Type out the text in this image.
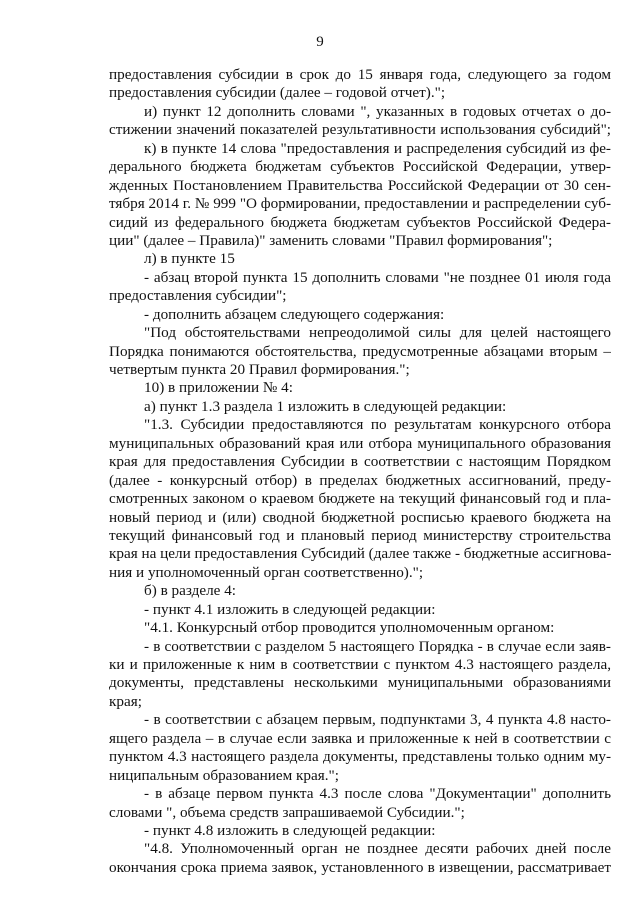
9
предоставления субсидии в срок до 15 января года, следующего за годом
предоставления субсидии (далее – годовой отчет).";
и) пункт 12 дополнить словами ", указанных в годовых отчетах о до-
стижении значений показателей результативности использования субсидий";
к) в пункте 14 слова "предоставления и распределения субсидий из фе-
дерального бюджета бюджетам субъектов Российской Федерации, утвер-
жденных Постановлением Правительства Российской Федерации от 30 сен-
тября 2014 г. № 999 "О формировании, предоставлении и распределении суб-
сидий из федерального бюджета бюджетам субъектов Российской Федера-
ции" (далее – Правила)" заменить словами "Правил формирования";
л) в пункте 15
- абзац второй пункта 15 дополнить словами "не позднее 01 июля года
предоставления субсидии";
- дополнить абзацем следующего содержания:
"Под обстоятельствами непреодолимой силы для целей настоящего
Порядка понимаются обстоятельства, предусмотренные абзацами вторым –
четвертым пункта 20 Правил формирования.";
10) в приложении № 4:
а) пункт 1.3 раздела 1 изложить в следующей редакции:
"1.3. Субсидии предоставляются по результатам конкурсного отбора
муниципальных образований края или отбора муниципального образования
края для предоставления Субсидии в соответствии с настоящим Порядком
(далее - конкурсный отбор) в пределах бюджетных ассигнований, преду-
смотренных законом о краевом бюджете на текущий финансовый год и пла-
новый период и (или) сводной бюджетной росписью краевого бюджета на
текущий финансовый год и плановый период министерству строительства
края на цели предоставления Субсидий (далее также - бюджетные ассигнова-
ния и уполномоченный орган соответственно).";
б) в разделе 4:
- пункт 4.1 изложить в следующей редакции:
"4.1. Конкурсный отбор проводится уполномоченным органом:
- в соответствии с разделом 5 настоящего Порядка - в случае если заяв-
ки и приложенные к ним в соответствии с пунктом 4.3 настоящего раздела,
документы, представлены несколькими муниципальными образованиями
края;
- в соответствии с абзацем первым, подпунктами 3, 4 пункта 4.8 насто-
ящего раздела – в случае если заявка и приложенные к ней в соответствии с
пунктом 4.3 настоящего раздела документы, представлены только одним му-
ниципальным образованием края.";
- в абзаце первом пункта 4.3 после слова "Документации" дополнить
словами ", объема средств запрашиваемой Субсидии.";
- пункт 4.8 изложить в следующей редакции:
"4.8. Уполномоченный орган не позднее десяти рабочих дней после
окончания срока приема заявок, установленного в извещении, рассматривает
